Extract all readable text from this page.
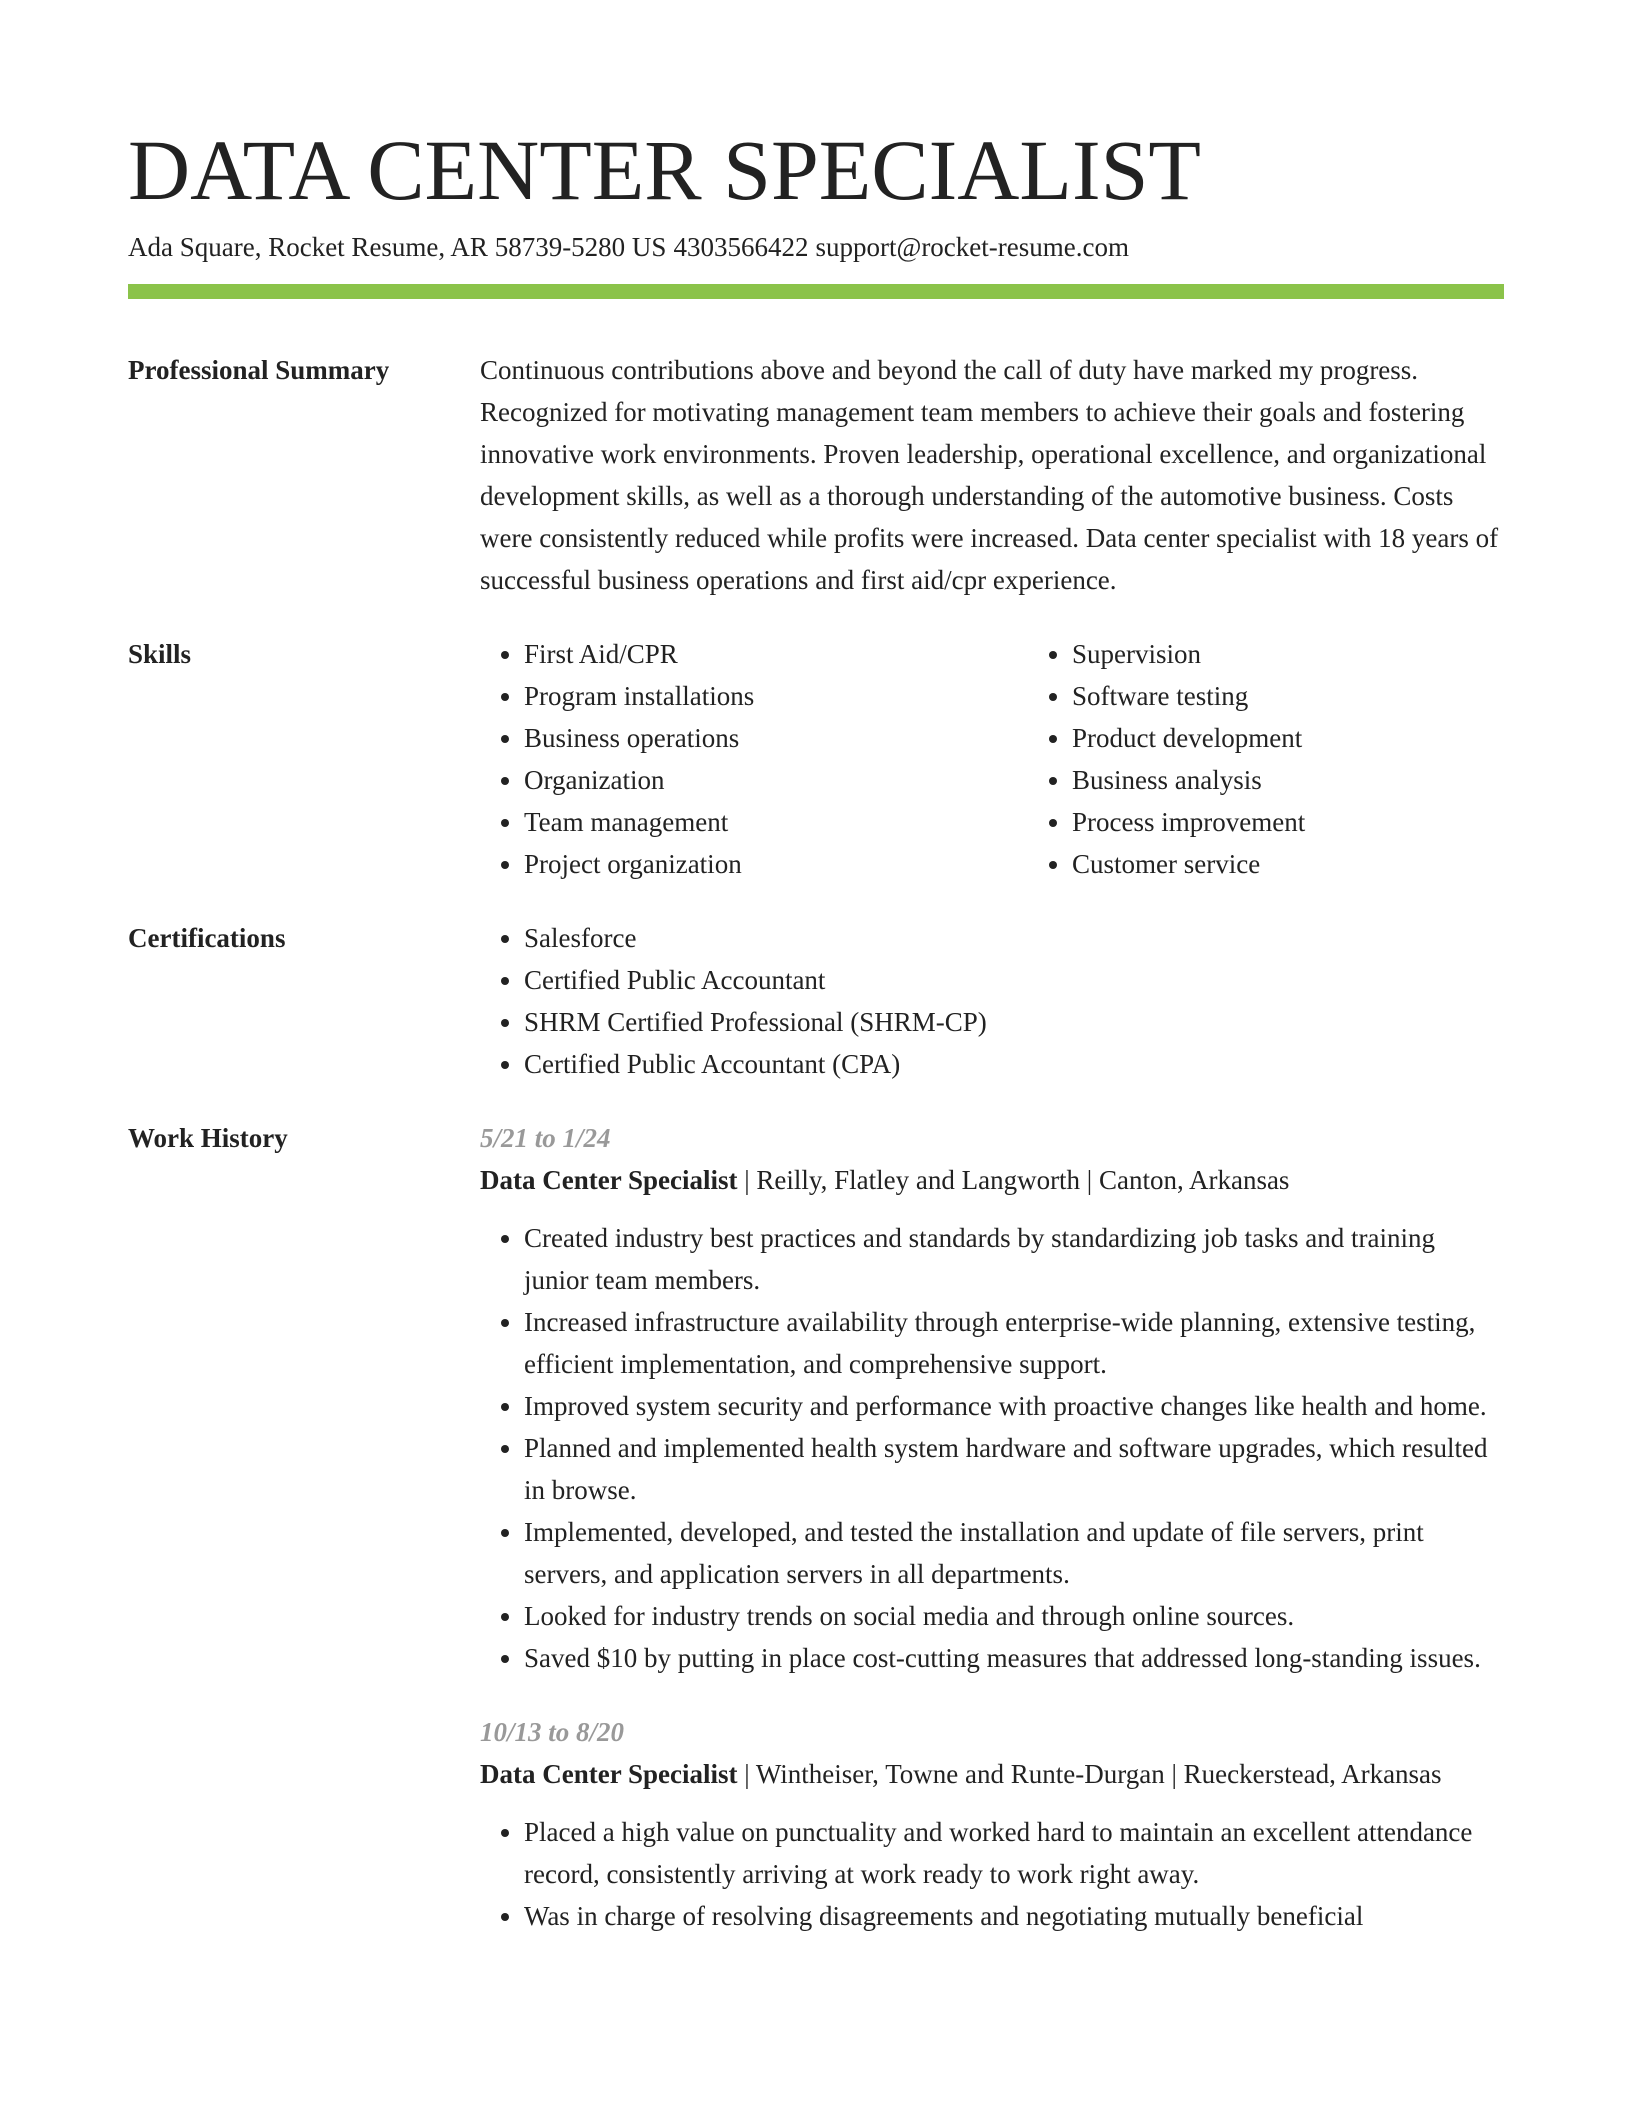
DATA CENTER SPECIALIST
Ada Square, Rocket Resume, AR 58739-5280 US 4303566422 support@rocket-resume.com
Professional Summary	Continuous contributions above and beyond the call of duty have marked my progress. Recognized for motivating management team members to achieve their goals and fostering innovative work environments. Proven leadership, operational excellence, and organizational development skills, as well as a thorough understanding of the automotive business. Costs were consistently reduced while profits were increased. Data center specialist with 18 years of successful business operations and first aid/cpr experience.

Skills	• First Aid/CPR
• Program installations
• Business operations
• Organization
• Team management
• Project organization
• Supervision
• Software testing
• Product development
• Business analysis
• Process improvement
• Customer service
Certifications	• Salesforce
• Certified Public Accountant
• SHRM Certified Professional (SHRM-CP)
• Certified Public Accountant (CPA)
Work History	5/21 to 1/24

Data Center Specialist | Reilly, Flatley and Langworth | Canton, Arkansas

• Created industry best practices and standards by standardizing job tasks and training junior team members.
• Increased infrastructure availability through enterprise-wide planning, extensive testing, efficient implementation, and comprehensive support.
• Improved system security and performance with proactive changes like health and home.
• Planned and implemented health system hardware and software upgrades, which resulted in browse.
• Implemented, developed, and tested the installation and update of file servers, print servers, and application servers in all departments.
• Looked for industry trends on social media and through online sources.
• Saved $10 by putting in place cost-cutting measures that addressed long-standing issues.

10/13 to 8/20

Data Center Specialist | Wintheiser, Towne and Runte-Durgan | Rueckerstead, Arkansas

• Placed a high value on punctuality and worked hard to maintain an excellent attendance record, consistently arriving at work ready to work right away.
• Was in charge of resolving disagreements and negotiating mutually beneficial
